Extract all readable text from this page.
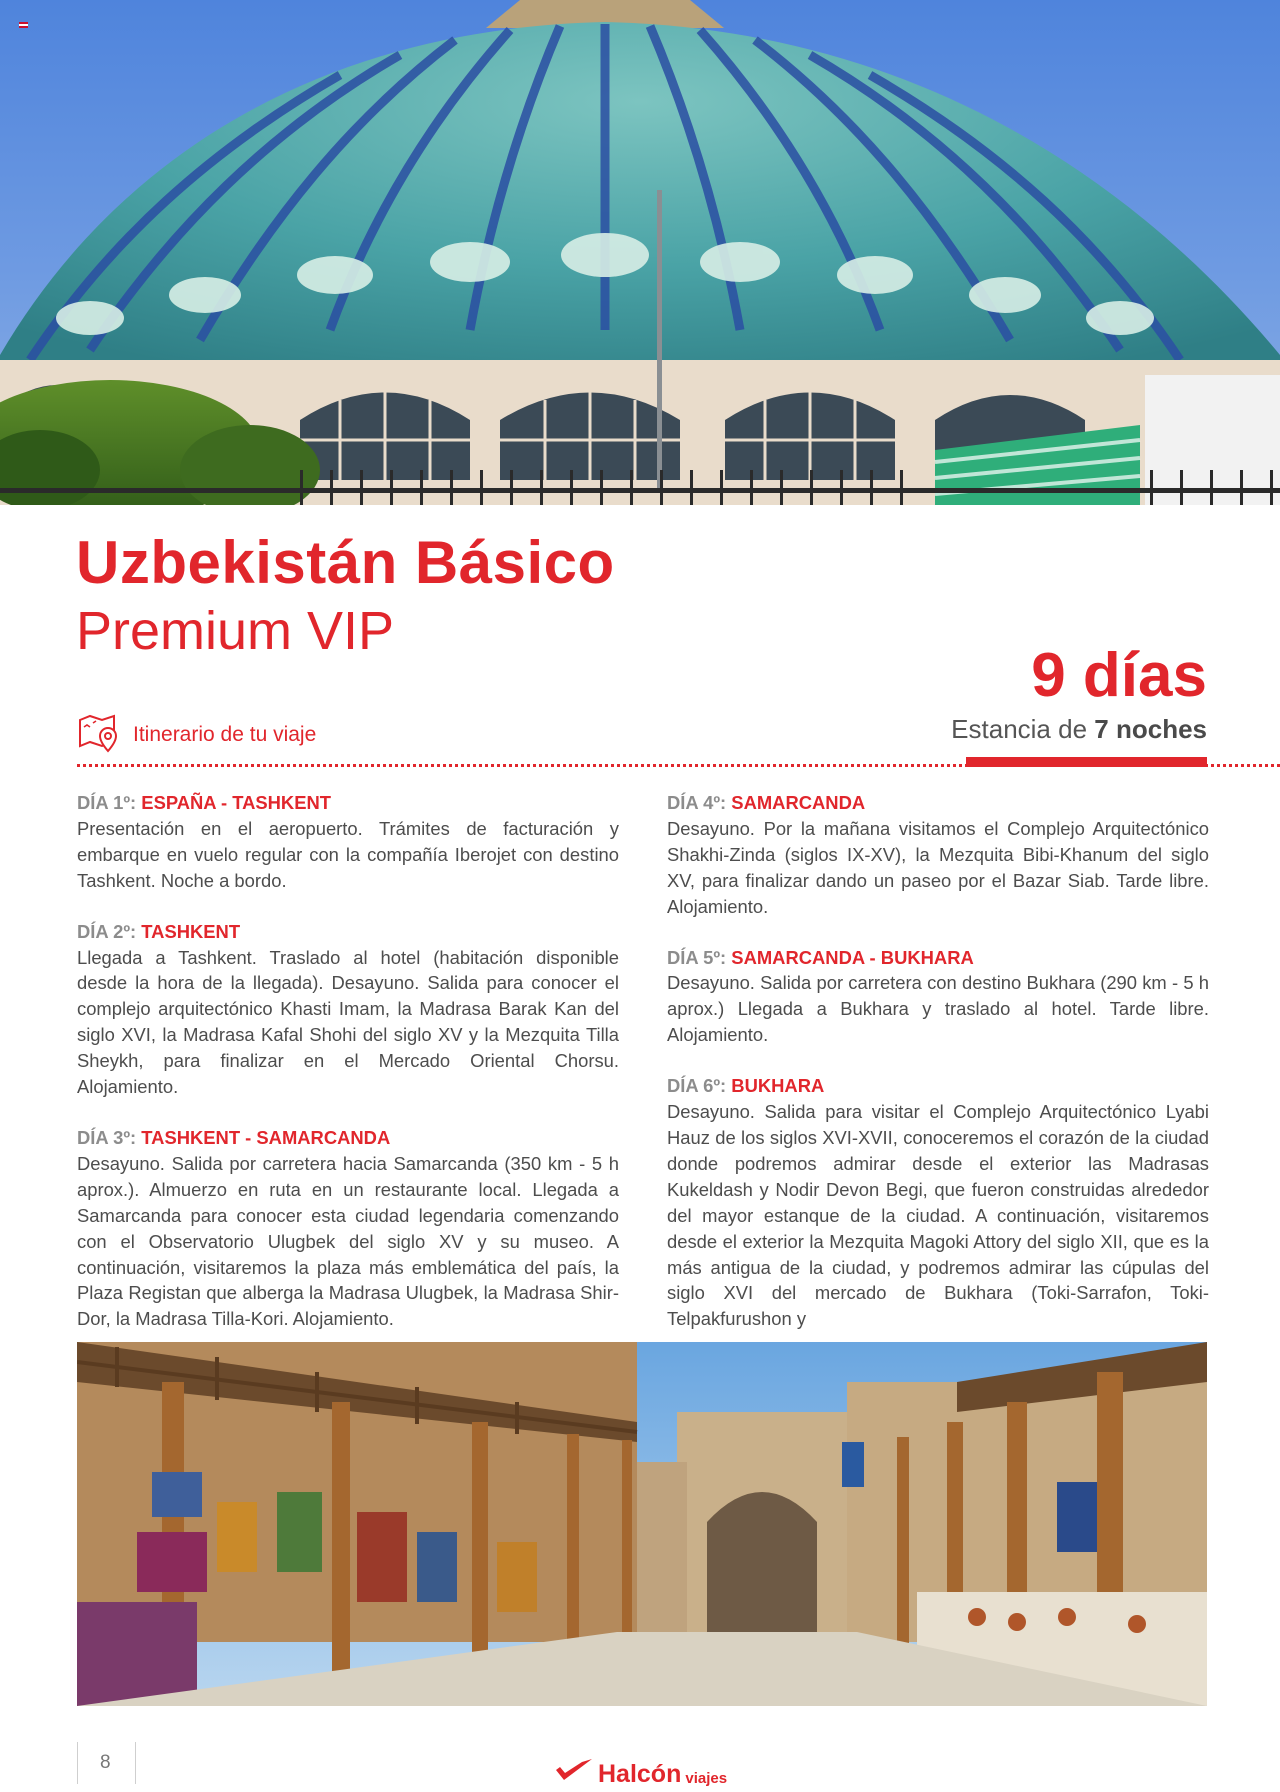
Uzbekistán Básico
Premium VIP
9 días
Estancia de 7 noches
Itinerario de tu viaje

DÍA 1º: ESPAÑA - TASHKENT

Presentación en el aeropuerto. Trámites de facturación y embarque en vuelo regular con la compañía Iberojet con destino Tashkent. Noche a bordo.

DÍA 2º: TASHKENT

Llegada a Tashkent. Traslado al hotel (habitación disponible desde la hora de la llegada). Desayuno. Salida para conocer el complejo arquitectónico Khasti Imam, la Madrasa Barak Kan del siglo XVI, la Madrasa Kafal Shohi del siglo XV y la Mezquita Tilla Sheykh, para finalizar en el Mercado Oriental Chorsu. Alojamiento.

DÍA 3º: TASHKENT - SAMARCANDA

Desayuno. Salida por carretera hacia Samarcanda (350 km - 5 h aprox.). Almuerzo en ruta en un restaurante local. Llegada a Samarcanda para conocer esta ciudad legendaria comenzando con el Observatorio Ulugbek del siglo XV y su museo. A continuación, visitaremos la plaza más emblemática del país, la Plaza Registan que alberga la Madrasa Ulugbek, la Madrasa Shir-Dor, la Madrasa Tilla-Kori. Alojamiento.

DÍA 4º: SAMARCANDA

Desayuno. Por la mañana visitamos el Complejo Arquitectónico Shakhi-Zinda (siglos IX-XV), la Mezquita Bibi-Khanum del siglo XV, para finalizar dando un paseo por el Bazar Siab. Tarde libre. Alojamiento.

DÍA 5º: SAMARCANDA - BUKHARA

Desayuno. Salida por carretera con destino Bukhara (290 km - 5 h aprox.) Llegada a Bukhara y traslado al hotel. Tarde libre. Alojamiento.

DÍA 6º: BUKHARA

Desayuno. Salida para visitar el Complejo Arquitectónico Lyabi Hauz de los siglos XVI-XVII, conoceremos el corazón de la ciudad donde podremos admirar desde el exterior las Madrasas Kukeldash y Nodir Devon Begi, que fueron construidas alrededor del mayor estanque de la ciudad. A continuación, visitaremos desde el exterior la Mezquita Magoki Attory del siglo XII, que es la más antigua de la ciudad, y podremos admirar las cúpulas del siglo XVI del mercado de Bukhara (Toki-Sarrafon, Toki-Telpakfurushon y

8	Halcón viajes
